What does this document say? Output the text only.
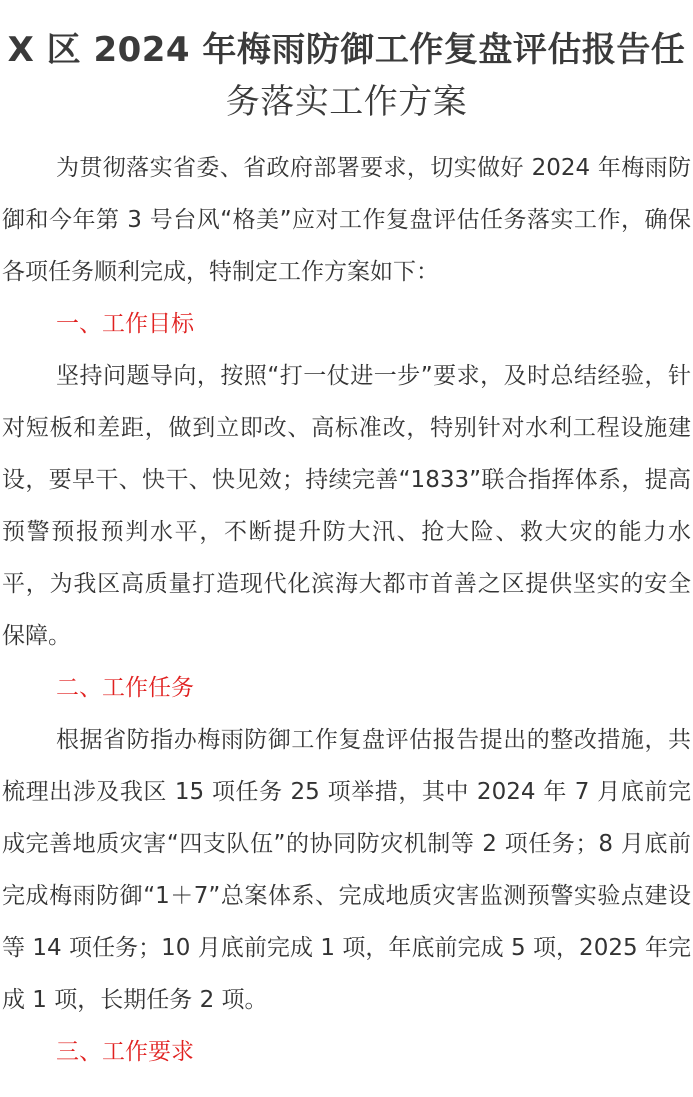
X 区 2024 年梅雨防御工作复盘评估报告任
务落实工作方案

为贯彻落实省委、省政府部署要求，切实做好 2024 年梅雨防御和今年第 3 号台风“格美”应对工作复盘评估任务落实工作，确保各项任务顺利完成，特制定工作方案如下：

一、工作目标

坚持问题导向，按照“打一仗进一步”要求，及时总结经验，针对短板和差距，做到立即改、高标准改，特别针对水利工程设施建设，要早干、快干、快见效；持续完善“1833”联合指挥体系，提高预警预报预判水平，不断提升防大汛、抢大险、救大灾的能力水平，为我区高质量打造现代化滨海大都市首善之区提供坚实的安全保障。

二、工作任务

根据省防指办梅雨防御工作复盘评估报告提出的整改措施，共梳理出涉及我区 15 项任务 25 项举措，其中 2024 年 7 月底前完成完善地质灾害“四支队伍”的协同防灾机制等 2 项任务；8 月底前完成梅雨防御“1＋7”总案体系、完成地质灾害监测预警实验点建设等 14 项任务；10 月底前完成 1 项，年底前完成 5 项，2025 年完成 1 项，长期任务 2 项。

三、工作要求
